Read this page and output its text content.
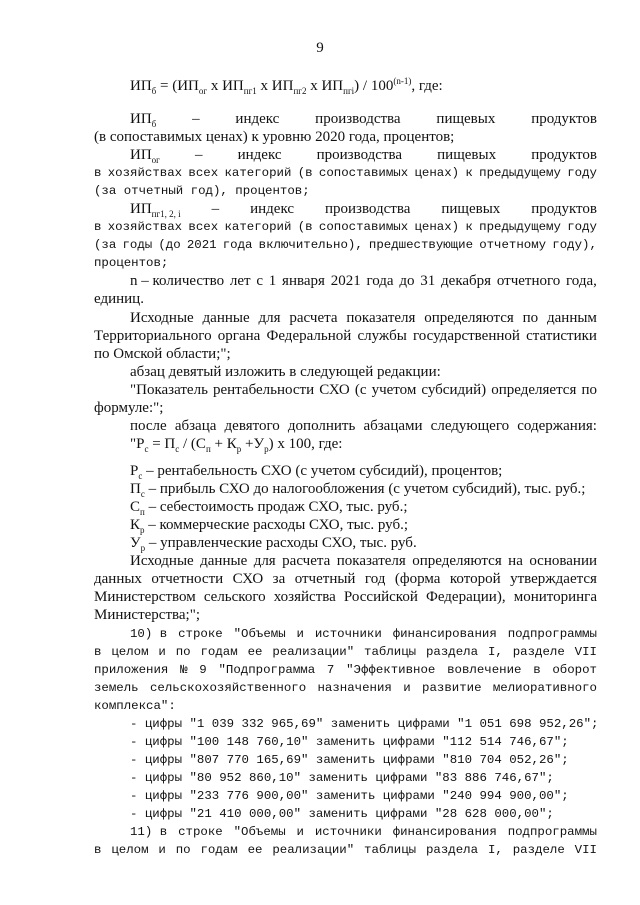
9
$ИП_б = (ИП_{ог}$ х $ИП_{пг1}$ х $ИП_{пг2}$ х $ИП_{пгi}) / 100^{(n-1)}$, где:
$ИП_б$ – индекс производства пищевых продуктов
(в сопоставимых ценах) к уровню 2020 года, процентов;
$ИП_{ог}$ – индекс производства пищевых продуктов
в хозяйствах всех категорий (в сопоставимых ценах) к предыдущему году
(за отчетный год), процентов;
$ИП_{пг1, 2, i}$ – индекс производства пищевых продуктов
в хозяйствах всех категорий (в сопоставимых ценах) к предыдущему году
(за годы (до 2021 года включительно), предшествующие отчетному году),
процентов;
n – количество лет с 1 января 2021 года до 31 декабря отчетного года,
единиц.
Исходные данные для расчета показателя определяются по данным
Территориального органа Федеральной службы государственной статистики
по Омской области;";
абзац девятый изложить в следующей редакции:
"Показатель рентабельности СХО (с учетом субсидий) определяется по
формуле:";
после абзаца девятого дополнить абзацами следующего содержания:
"$Р_с = П_с / (С_п + К_р +У_р)$ х 100, где:
$Р_с$ – рентабельность СХО (с учетом субсидий), процентов;
$П_с$ – прибыль СХО до налогообложения (с учетом субсидий), тыс. руб.;
$С_п$ – себестоимость продаж СХО, тыс. руб.;
$К_р$ – коммерческие расходы СХО, тыс. руб.;
$У_р$ – управленческие расходы СХО, тыс. руб.
Исходные данные для расчета показателя определяются на основании
данных отчетности СХО за отчетный год (форма которой утверждается
Министерством сельского хозяйства Российской Федерации), мониторинга
Министерства;";
10) в строке "Объемы и источники финансирования подпрограммы
в целом и по годам ее реализации" таблицы раздела I, разделе VII
приложения № 9 "Подпрограмма 7 "Эффективное вовлечение в оборот
земель сельскохозяйственного назначения и развитие мелиоративного
комплекса":
- цифры "1 039 332 965,69" заменить цифрами "1 051 698 952,26";
- цифры "100 148 760,10" заменить цифрами "112 514 746,67";
- цифры "807 770 165,69" заменить цифрами "810 704 052,26";
- цифры "80 952 860,10" заменить цифрами "83 886 746,67";
- цифры "233 776 900,00" заменить цифрами "240 994 900,00";
- цифры "21 410 000,00" заменить цифрами "28 628 000,00";
11) в строке "Объемы и источники финансирования подпрограммы
в целом и по годам ее реализации" таблицы раздела I, разделе VII
